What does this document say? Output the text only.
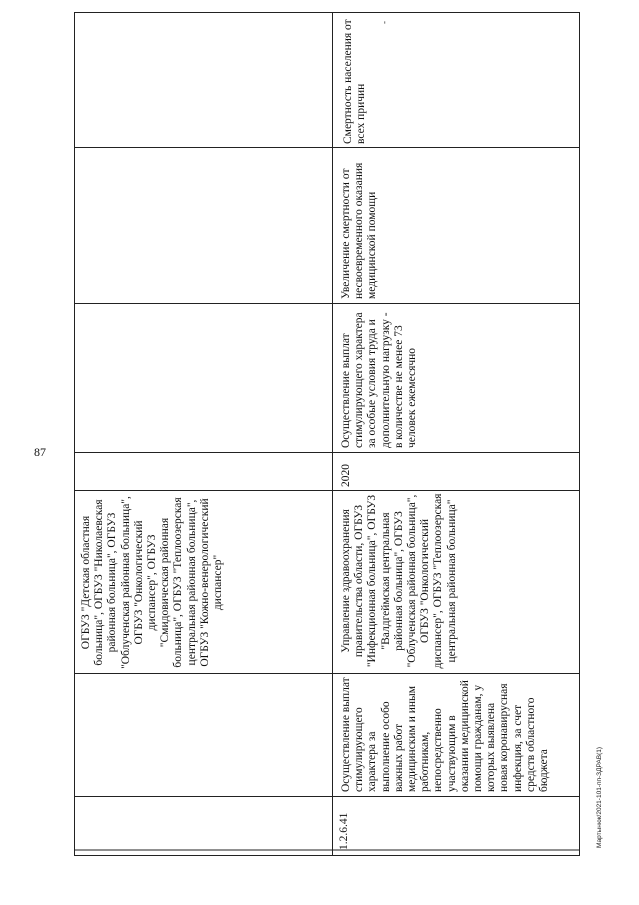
87
ОГБУЗ "Детская областная больница", ОГБУЗ "Николаевская районная больница", ОГБУЗ "Облученская районная больница", ОГБУЗ "Онкологический диспансер", ОГБУЗ "Смидовическая районная больница", ОГБУЗ "Теплоозерская центральная районная больница", ОГБУЗ "Кожно-венерологический диспансер"
Смертность населения от всех причин
-
1.2.6.41
Осуществление выплат стимулирующего характера за выполнение особо важных работ медицинским и иным работникам, непосредственно участвующим в оказании медицинской помощи гражданам, у которых выявлена новая коронавирусная инфекция, за счет средств областного бюджета
Управление здравоохранения правительства области, ОГБУЗ "Инфекционная больница", ОГБУЗ "Валдгеймская центральная районная больница", ОГБУЗ "Облученская районная больница", ОГБУЗ "Онкологический диспансер", ОГБУЗ "Теплоозерская центральная районная больница"
2020
Осуществление выплат стимулирующего характера за особые условия труда и дополнительную нагрузку - в количестве не менее 73 человек ежемесячно
Увеличение смертности от несвоевременного оказания медицинской помощи
Мартынюк/2021-101-пп-ЗДРАВ(1)
